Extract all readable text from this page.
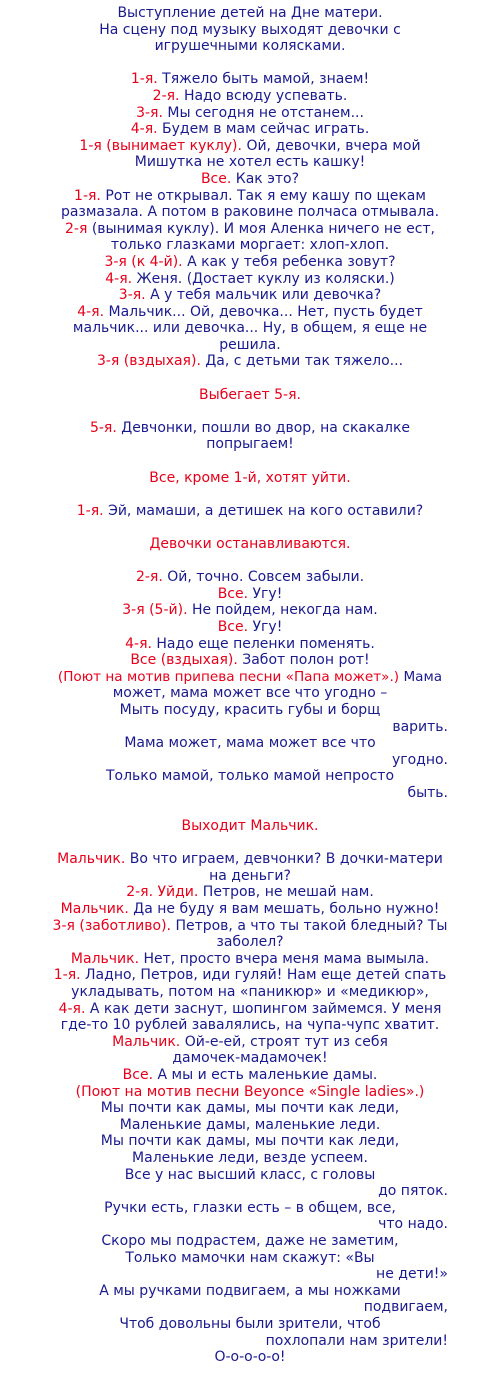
Выступление детей на Дне матери.

На сцену под музыку выходят девочки с

игрушечными колясками.

1-я. Тяжело быть мамой, знаем!

2-я. Надо всюду успевать.

3-я. Мы сегодня не отстанем...

4-я. Будем в мам сейчас играть.

1-я (вынимает куклу). Ой, девочки, вчера мой

Мишутка не хотел есть кашку!

Все. Как это?

1-я. Рот не открывал. Так я ему кашу по щекам

размазала. А потом в раковине полчаса отмывала.

2-я (вынимая куклу). И моя Аленка ничего не ест,

только глазками моргает: хлоп-хлоп.

3-я (к 4-й). А как у тебя ребенка зовут?

4-я. Женя. (Достает куклу из коляски.)

3-я. А у тебя мальчик или девочка?

4-я. Мальчик... Ой, девочка... Нет, пусть будет

мальчик... или девочка... Ну, в общем, я еще не

решила.

3-я (вздыхая). Да, с детьми так тяжело...

Выбегает 5-я.

5-я. Девчонки, пошли во двор, на скакалке

попрыгаем!

Все, кроме 1-й, хотят уйти.

1-я. Эй, мамаши, а детишек на кого оставили?

Девочки останавливаются.

2-я. Ой, точно. Совсем забыли.

Все. Угу!

3-я (5-й). Не пойдем, некогда нам.

Все. Угу!

4-я. Надо еще пеленки поменять.

Все (вздыхая). Забот полон рот!

(Поют на мотив припева песни «Папа может».) Мама

может, мама может все что угодно –

Мыть посуду, красить губы и борщ

варить.

Мама может, мама может все что

угодно.

Только мамой, только мамой непросто

быть.

Выходит Мальчик.

Мальчик. Во что играем, девчонки? В дочки-матери

на деньги?

2-я. Уйди. Петров, не мешай нам.

Мальчик. Да не буду я вам мешать, больно нужно!

3-я (заботливо). Петров, а что ты такой бледный? Ты

заболел?

Мальчик. Нет, просто вчера меня мама вымыла.

1-я. Ладно, Петров, иди гуляй! Нам еще детей спать

укладывать, потом на «паникюр» и «медикюр»,

4-я. А как дети заснут, шопингом займемся. У меня

где-то 10 рублей завалялись, на чупа-чупс хватит.

Мальчик. Ой-е-ей, строят тут из себя

дамочек-мадамочек!

Все. А мы и есть маленькие дамы.

(Поют на мотив песни Beyonce «Single ladies».)

Мы почти как дамы, мы почти как леди,

Маленькие дамы, маленькие леди.

Мы почти как дамы, мы почти как леди,

Маленькие леди, везде успеем.

Все у нас высший класс, с головы

до пяток.

Ручки есть, глазки есть – в общем, все,

что надо.

Скоро мы подрастем, даже не заметим,

Только мамочки нам скажут: «Вы

не дети!»

А мы ручками подвигаем, а мы ножками

подвигаем,

Чтоб довольны были зрители, чтоб

похлопали нам зрители!

О-о-о-о-о!
